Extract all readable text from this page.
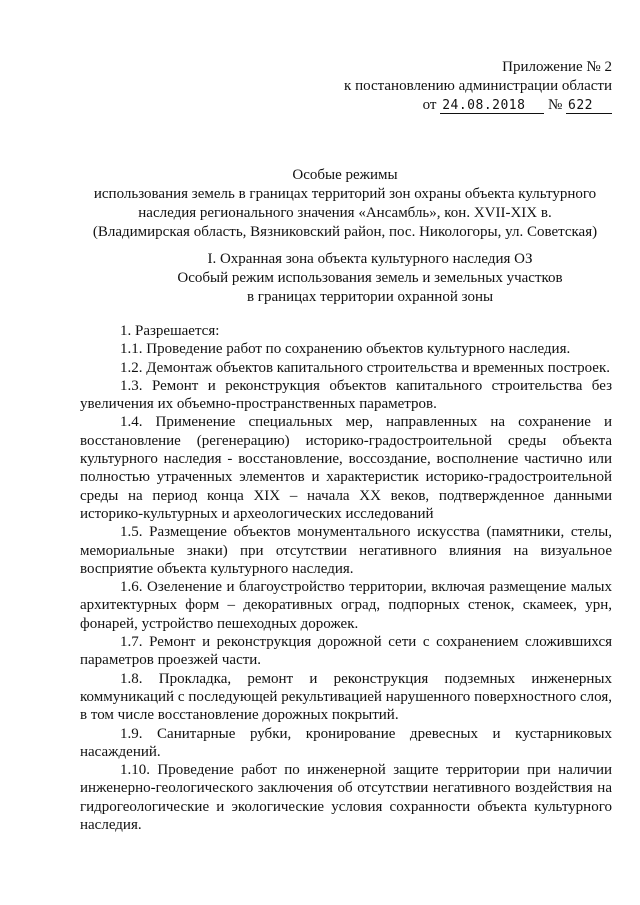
Приложение № 2
к постановлению администрации области
от 24.08.2018 № 622
Особые режимы
использования земель в границах территорий зон охраны объекта культурного
наследия регионального значения «Ансамбль», кон. XVII-XIX в.
(Владимирская область, Вязниковский район, пос. Никологоры, ул. Советская)
I. Охранная зона объекта культурного наследия ОЗ
Особый режим использования земель и земельных участков
в границах территории охранной зоны

1. Разрешается:

1.1. Проведение работ по сохранению объектов культурного наследия.

1.2. Демонтаж объектов капитального строительства и временных построек.

1.3. Ремонт и реконструкция объектов капитального строительства без увеличения их объемно-пространственных параметров.

1.4. Применение специальных мер, направленных на сохранение и восстановление (регенерацию) историко-градостроительной среды объекта культурного наследия - восстановление, воссоздание, восполнение частично или полностью утраченных элементов и характеристик историко-градостроительной среды на период конца XIX – начала XX веков, подтвержденное данными историко-культурных и археологических исследований

1.5. Размещение объектов монументального искусства (памятники, стелы, мемориальные знаки) при отсутствии негативного влияния на визуальное восприятие объекта культурного наследия.

1.6. Озеленение и благоустройство территории, включая размещение малых архитектурных форм – декоративных оград, подпорных стенок, скамеек, урн, фонарей, устройство пешеходных дорожек.

1.7. Ремонт и реконструкция дорожной сети с сохранением сложившихся параметров проезжей части.

1.8. Прокладка, ремонт и реконструкция подземных инженерных коммуникаций с последующей рекультивацией нарушенного поверхностного слоя, в том числе восстановление дорожных покрытий.

1.9. Санитарные рубки, кронирование древесных и кустарниковых насаждений.

1.10. Проведение работ по инженерной защите территории при наличии инженерно-геологического заключения об отсутствии негативного воздействия на гидрогеологические и экологические условия сохранности объекта культурного наследия.
